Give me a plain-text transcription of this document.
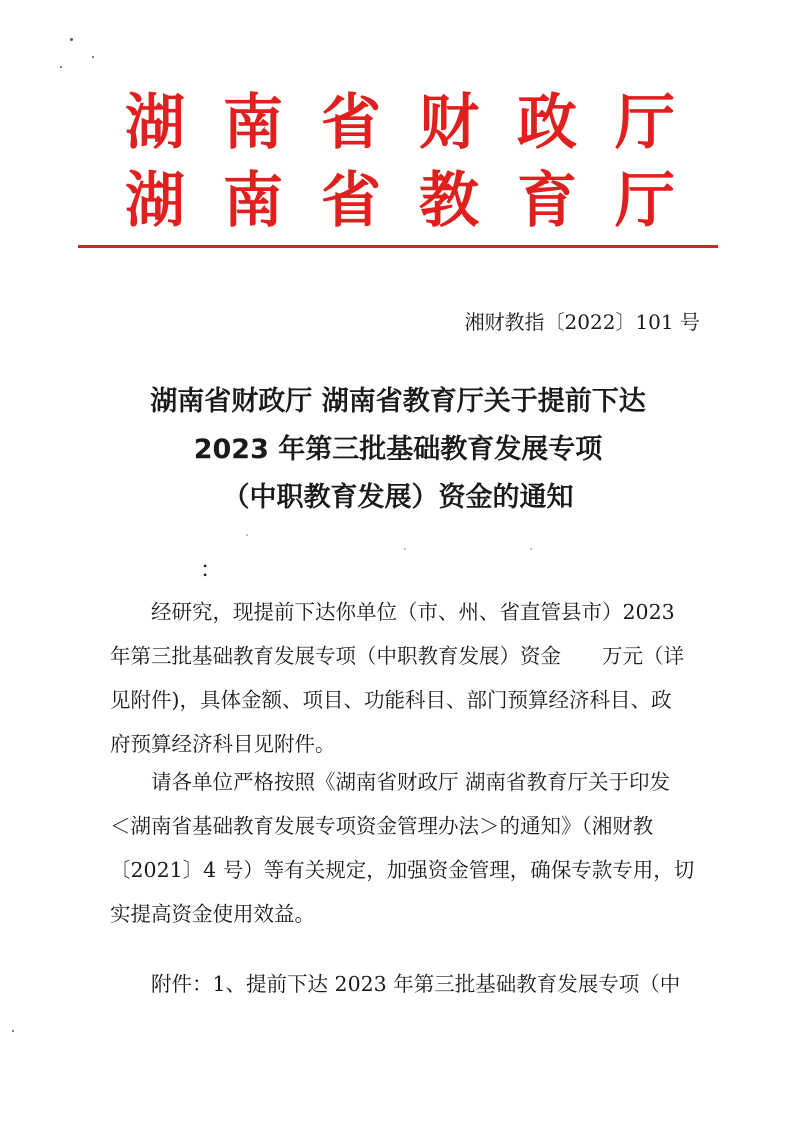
湖 南 省 财 政 厅
湖 南 省 教 育 厅
湘财教指〔2022〕101 号
湖南省财政厅 湖南省教育厅关于提前下达
2023 年第三批基础教育发展专项
（中职教育发展）资金的通知
：
经研究，现提前下达你单位（市、州、省直管县市）2023
年第三批基础教育发展专项（中职教育发展）资金　　万元（详
见附件)，具体金额、项目、功能科目、部门预算经济科目、政
府预算经济科目见附件。
请各单位严格按照《湖南省财政厅 湖南省教育厅关于印发
＜湖南省基础教育发展专项资金管理办法＞的通知》（湘财教
〔2021〕4 号）等有关规定，加强资金管理，确保专款专用，切
实提高资金使用效益。
附件：1、提前下达 2023 年第三批基础教育发展专项（中
